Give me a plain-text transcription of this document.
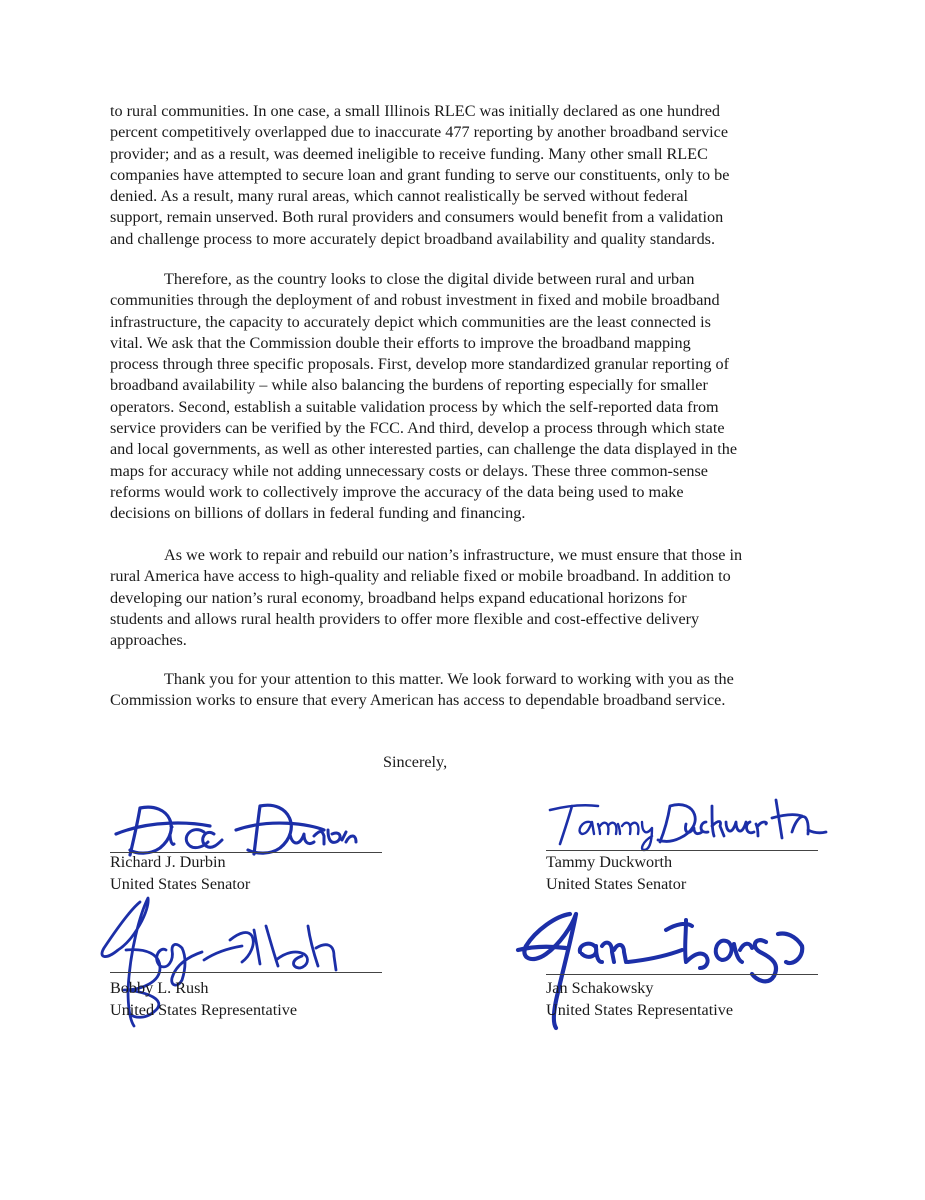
to rural communities. In one case, a small Illinois RLEC was initially declared as one hundred
percent competitively overlapped due to inaccurate 477 reporting by another broadband service
provider; and as a result, was deemed ineligible to receive funding. Many other small RLEC
companies have attempted to secure loan and grant funding to serve our constituents, only to be
denied. As a result, many rural areas, which cannot realistically be served without federal
support, remain unserved. Both rural providers and consumers would benefit from a validation
and challenge process to more accurately depict broadband availability and quality standards.

Therefore, as the country looks to close the digital divide between rural and urban
communities through the deployment of and robust investment in fixed and mobile broadband
infrastructure, the capacity to accurately depict which communities are the least connected is
vital. We ask that the Commission double their efforts to improve the broadband mapping
process through three specific proposals. First, develop more standardized granular reporting of
broadband availability – while also balancing the burdens of reporting especially for smaller
operators. Second, establish a suitable validation process by which the self-reported data from
service providers can be verified by the FCC. And third, develop a process through which state
and local governments, as well as other interested parties, can challenge the data displayed in the
maps for accuracy while not adding unnecessary costs or delays. These three common-sense
reforms would work to collectively improve the accuracy of the data being used to make
decisions on billions of dollars in federal funding and financing.

As we work to repair and rebuild our nation’s infrastructure, we must ensure that those in
rural America have access to high-quality and reliable fixed or mobile broadband. In addition to
developing our nation’s rural economy, broadband helps expand educational horizons for
students and allows rural health providers to offer more flexible and cost-effective delivery
approaches.

Thank you for your attention to this matter. We look forward to working with you as the
Commission works to ensure that every American has access to dependable broadband service.

Sincerely,
Richard J. Durbin
United States Senator
Tammy Duckworth
United States Senator
Bobby L. Rush
United States Representative
Jan Schakowsky
United States Representative
